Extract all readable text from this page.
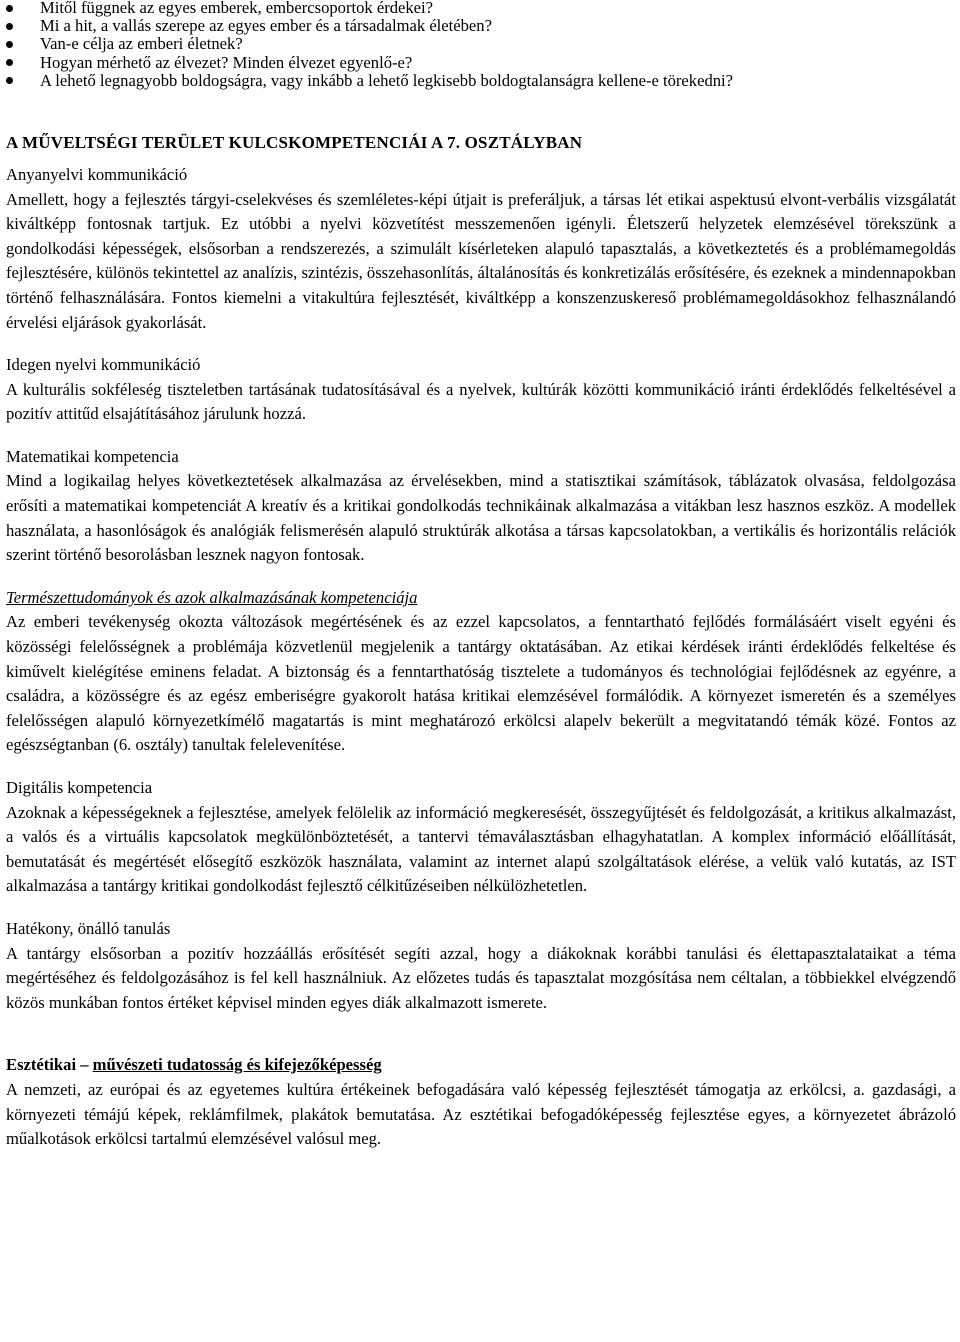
Mitől függnek az egyes emberek, embercsoportok érdekei?
Mi a hit, a vallás szerepe az egyes ember és a társadalmak életében?
Van-e célja az emberi életnek?
Hogyan mérhető az élvezet? Minden élvezet egyenlő-e?
A lehető legnagyobb boldogságra, vagy inkább a lehető legkisebb boldogtalanságra kellene-e törekedni?
A MŰVELTSÉGI TERÜLET KULCSKOMPETENCIÁI A 7. OSZTÁLYBAN
Anyanyelvi kommunikáció

Amellett, hogy a fejlesztés tárgyi-cselekvéses és szemléletes-képi útjait is preferáljuk, a társas lét etikai aspektusú elvont-verbális vizsgálatát kiváltképp fontosnak tartjuk. Ez utóbbi a nyelvi közvetítést messzemenően igényli. Életszerű helyzetek elemzésével törekszünk a gondolkodási képességek, elsősorban a rendszerezés, a szimulált kísérleteken alapuló tapasztalás, a következtetés és a problémamegoldás fejlesztésére, különös tekintettel az analízis, szintézis, összehasonlítás, általánosítás és konkretizálás erősítésére, és ezeknek a mindennapokban történő felhasználására. Fontos kiemelni a vitakultúra fejlesztését, kiváltképp a konszenzuskereső problémamegoldásokhoz felhasználandó érvelési eljárások gyakorlását.

Idegen nyelvi kommunikáció

A kulturális sokféleség tiszteletben tartásának tudatosításával és a nyelvek, kultúrák közötti kommunikáció iránti érdeklődés felkeltésével a pozitív attitűd elsajátításához járulunk hozzá.

Matematikai kompetencia

Mind a logikailag helyes következtetések alkalmazása az érvelésekben, mind a statisztikai számítások, táblázatok olvasása, feldolgozása erősíti a matematikai kompetenciát A kreatív és a kritikai gondolkodás technikáinak alkalmazása a vitákban lesz hasznos eszköz. A modellek használata, a hasonlóságok és analógiák felismerésén alapuló struktúrák alkotása a társas kapcsolatokban, a vertikális és horizontális relációk szerint történő besorolásban lesznek nagyon fontosak.

Természettudományok és azok alkalmazásának kompetenciája

Az emberi tevékenység okozta változások megértésének és az ezzel kapcsolatos, a fenntartható fejlődés formálásáért viselt egyéni és közösségi felelősségnek a problémája közvetlenül megjelenik a tantárgy oktatásában. Az etikai kérdések iránti érdeklődés felkeltése és kiművelt kielégítése eminens feladat. A biztonság és a fenntarthatóság tisztelete a tudományos és technológiai fejlődésnek az egyénre, a családra, a közösségre és az egész emberiségre gyakorolt hatása kritikai elemzésével formálódik. A környezet ismeretén és a személyes felelősségen alapuló környezetkímélő magatartás is mint meghatározó erkölcsi alapelv bekerült a megvitatandó témák közé. Fontos az egészségtanban (6. osztály) tanultak felelevenítése.

Digitális kompetencia

Azoknak a képességeknek a fejlesztése, amelyek felölelik az információ megkeresését, összegyűjtését és feldolgozását, a kritikus alkalmazást, a valós és a virtuális kapcsolatok megkülönböztetését, a tantervi témaválasztásban elhagyhatatlan. A komplex információ előállítását, bemutatását és megértését elősegítő eszközök használata, valamint az internet alapú szolgáltatások elérése, a velük való kutatás, az IST alkalmazása a tantárgy kritikai gondolkodást fejlesztő célkitűzéseiben nélkülözhetetlen.

Hatékony, önálló tanulás

A tantárgy elsősorban a pozitív hozzáállás erősítését segíti azzal, hogy a diákoknak korábbi tanulási és élettapasztalataikat a téma megértéséhez és feldolgozásához is fel kell használniuk. Az előzetes tudás és tapasztalat mozgósítása nem céltalan, a többiekkel elvégzendő közös munkában fontos értéket képvisel minden egyes diák alkalmazott ismerete.

Esztétikai – művészeti tudatosság és kifejezőképesség

A nemzeti, az európai és az egyetemes kultúra értékeinek befogadására való képesség fejlesztését támogatja az erkölcsi, a. gazdasági, a környezeti témájú képek, reklámfilmek, plakátok bemutatása. Az esztétikai befogadóképesség fejlesztése egyes, a környezetet ábrázoló műalkotások erkölcsi tartalmú elemzésével valósul meg.
